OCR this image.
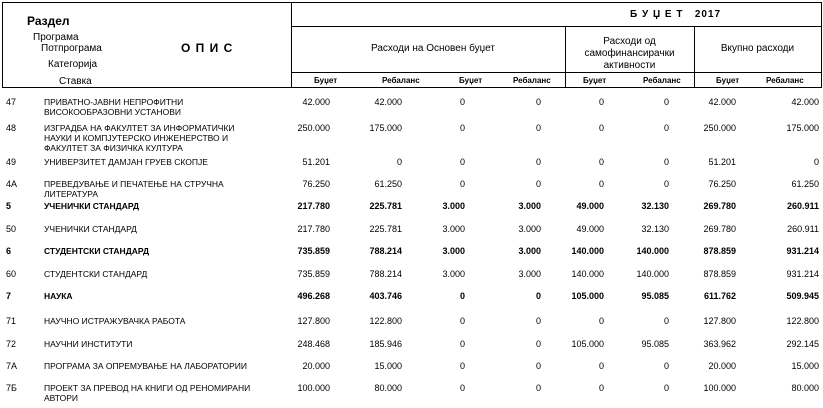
Раздел
Програма
Потпрограма
Категорија
Ставка
О П И С
Б У Џ Е Т   2017
Расходи на Основен буџет
Расходи од
самофинансирачки
активности
Вкупно расходи
Буџет	Ребаланс	Буџет	Ребаланс	Буџет	Ребаланс	Буџет	Ребаланс
47	ПРИВАТНО-ЈАВНИ НЕПРОФИТНИ
ВИСОКООБРАЗОВНИ УСТАНОВИ	42.000	42.000	0	0	0	0	42.000	42.000
48	ИЗГРАДБА НА ФАКУЛТЕТ ЗА ИНФОРМАТИЧКИ
НАУКИ И КОМПЈУТЕРСКО ИНЖЕНЕРСТВО И
ФАКУЛТЕТ ЗА ФИЗИЧКА КУЛТУРА	250.000	175.000	0	0	0	0	250.000	175.000
49	УНИВЕРЗИТЕТ ДАМЈАН ГРУЕВ СКОПЈЕ	51.201	0	0	0	0	0	51.201	0
4А	ПРЕВЕДУВАЊЕ И ПЕЧАТЕЊЕ НА СТРУЧНА
ЛИТЕРАТУРА	76.250	61.250	0	0	0	0	76.250	61.250
5	УЧЕНИЧКИ СТАНДАРД	217.780	225.781	3.000	3.000	49.000	32.130	269.780	260.911
50	УЧЕНИЧКИ СТАНДАРД	217.780	225.781	3.000	3.000	49.000	32.130	269.780	260.911
6	СТУДЕНТСКИ СТАНДАРД	735.859	788.214	3.000	3.000	140.000	140.000	878.859	931.214
60	СТУДЕНТСКИ СТАНДАРД	735.859	788.214	3.000	3.000	140.000	140.000	878.859	931.214
7	НАУКА	496.268	403.746	0	0	105.000	95.085	611.762	509.945
71	НАУЧНО ИСТРАЖУВАЧКА РАБОТА	127.800	122.800	0	0	0	0	127.800	122.800
72	НАУЧНИ ИНСТИТУТИ	248.468	185.946	0	0	105.000	95.085	363.962	292.145
7А	ПРОГРАМА ЗА ОПРЕМУВАЊЕ НА ЛАБОРАТОРИИ	20.000	15.000	0	0	0	0	20.000	15.000
7Б	ПРОЕКТ ЗА ПРЕВОД НА КНИГИ ОД РЕНОМИРАНИ
АВТОРИ	100.000	80.000	0	0	0	0	100.000	80.000
